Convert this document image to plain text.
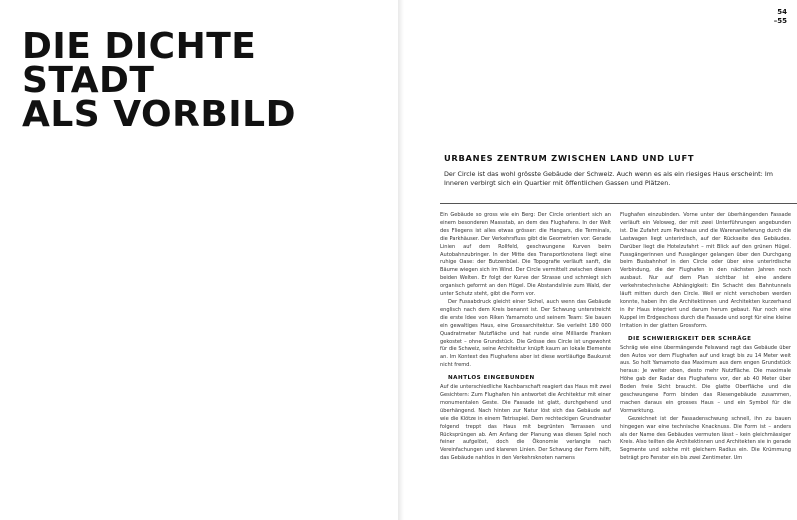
DIE DICHTE
STADT
ALS VORBILD
54
–55
URBANES ZENTRUM ZWISCHEN LAND UND LUFT

Der Circle ist das wohl grösste Gebäude der Schweiz. Auch wenn es als ein riesiges Haus erscheint: Im Inneren verbirgt sich ein Quartier mit öffentlichen Gassen und Plätzen.

Ein Gebäude so gross wie ein Berg: Der Circle orientiert sich an einem besonderen Massstab, an dem des Flughafens. In der Welt des Fliegens ist alles etwas grösser: die Hangars, die Terminals, die Parkhäuser. Der Verkehrsfluss gibt die Geometrien vor: Gerade Linien auf dem Rollfeld, geschwungene Kurven beim Autobahnzubringer. In der Mitte des Transportknotens liegt eine ruhige Oase: der Butzenbüel. Die Topografie verläuft sanft, die Bäume wiegen sich im Wind. Der Circle vermittelt zwischen diesen beiden Welten. Er folgt der Kurve der Strasse und schmiegt sich organisch geformt an den Hügel. Die Abstandslinie zum Wald, der unter Schutz steht, gibt die Form vor.

Der Fussabdruck gleicht einer Sichel, auch wenn das Gebäude englisch nach dem Kreis benannt ist. Der Schwung unterstreicht die erste Idee von Riken Yamamoto und seinem Team: Sie bauen ein gewaltiges Haus, eine Grossarchitektur. Sie verleiht 180 000 Quadratmeter Nutzfläche und hat runde eine Milliarde Franken gekostet – ohne Grundstück. Die Grösse des Circle ist ungewohnt für die Schweiz, seine Architektur knüpft kaum an lokale Elemente an. Im Kontext des Flughafens aber ist diese wortläufige Baukunst nicht fremd.

NAHTLOS EINGEBUNDEN

Auf die unterschiedliche Nachbarschaft reagiert das Haus mit zwei Gesichtern: Zum Flughafen hin antwortet die Architektur mit einer monumentalen Geste. Die Fassade ist glatt, durchgehend und überhängend. Nach hinten zur Natur löst sich das Gebäude auf wie die Klötze in einem Tetrisspiel. Dem rechteckigen Grundraster folgend treppt das Haus mit begrünten Terrassen und Rücksprüngen ab. Am Anfang der Planung was dieses Spiel noch feiner aufgelöst, doch die Ökonomie verlangte nach Vereinfachungen und klareren Linien. Der Schwung der Form hilft, das Gebäude nahtlos in den Verkehrsknoten namens

Flughafen einzubinden. Vorne unter der überhängenden Fassade verläuft ein Veloweg, der mit zwei Unterführungen angebunden ist. Die Zufahrt zum Parkhaus und die Warenanlieferung durch die Lastwagen liegt unterirdisch, auf der Rückseite des Gebäudes. Darüber liegt die Hotelzufahrt – mit Blick auf den grünen Hügel. Fussgängerinnen und Fussgänger gelangen über den Durchgang beim Busbahnhof in den Circle oder über eine unterirdische Verbindung, die der Flughafen in den nächsten Jahren noch ausbaut. Nur auf dem Plan sichtbar ist eine andere verkehrstechnische Abhängigkeit: Ein Schacht des Bahntunnels läuft mitten durch den Circle. Weil er nicht verschoben werden konnte, haben ihn die Architektinnen und Architekten kurzerhand in ihr Haus integriert und darum herum gebaut. Nur noch eine Kuppel im Erdgeschoss durch die Fassade und sorgt für eine kleine Irritation in der glatten Grossform.

DIE SCHWIERIGKEIT DER SCHRÄGE

Schräg wie eine übermängende Felswand ragt das Gebäude über den Autos vor dem Flughafen auf und kragt bis zu 14 Meter weit aus. So holt Yamamoto das Maximum aus dem engen Grundstück heraus: Je weiter oben, desto mehr Nutzfläche. Die maximale Höhe gab der Radar des Flughafens vor, der ab 40 Meter über Boden freie Sicht braucht. Die glatte Oberfläche und die geschwungene Form binden das Riesengebäude zusammen, machen daraus ein grosses Haus – und ein Symbol für die Vormarktung.

Gezeichnet ist der Fassadenschwung schnell, ihn zu bauen hingegen war eine technische Knacknuss. Die Form ist – anders als der Name des Gebäudes vermuten lässt – kein gleichmässiger Kreis. Also teilten die Architektinnen und Architekten sie in gerade Segmente und solche mit gleichem Radius ein. Die Krümmung beträgt pro Fenster ein bis zwei Zentimeter. Um
